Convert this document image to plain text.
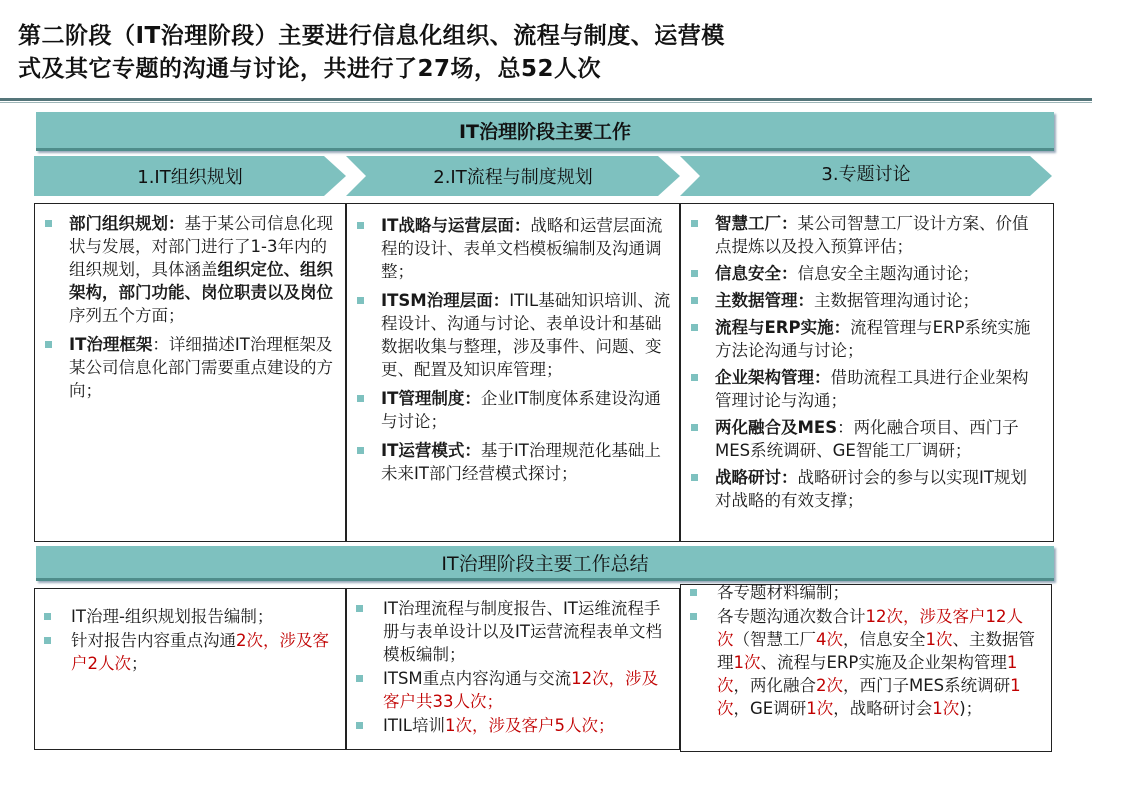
第二阶段（IT治理阶段）主要进行信息化组织、流程与制度、运营模
式及其它专题的沟通与讨论，共进行了27场，总52人次
IT治理阶段主要工作
1.IT组织规划	2.IT流程与制度规划	3.专题讨论
部门组织规划：基于某公司信息化现状与发展，对部门进行了1-3年内的组织规划，具体涵盖组织定位、组织架构，部门功能、岗位职责以及岗位序列五个方面；
IT治理框架：详细描述IT治理框架及某公司信息化部门需要重点建设的方向；
IT战略与运营层面：战略和运营层面流程的设计、表单文档模板编制及沟通调整；
ITSM治理层面：ITIL基础知识培训、流程设计、沟通与讨论、表单设计和基础数据收集与整理，涉及事件、问题、变更、配置及知识库管理；
IT管理制度：企业IT制度体系建设沟通与讨论；
IT运营模式：基于IT治理规范化基础上未来IT部门经营模式探讨；
智慧工厂：某公司智慧工厂设计方案、价值点提炼以及投入预算评估；
信息安全：信息安全主题沟通讨论；
主数据管理：主数据管理沟通讨论；
流程与ERP实施：流程管理与ERP系统实施方法论沟通与讨论；
企业架构管理：借助流程工具进行企业架构管理讨论与沟通；
两化融合及MES：两化融合项目、西门子MES系统调研、GE智能工厂调研；
战略研讨：战略研讨会的参与以实现IT规划对战略的有效支撑；
IT治理阶段主要工作总结
IT治理-组织规划报告编制；
针对报告内容重点沟通2次，涉及客户2人次；
IT治理流程与制度报告、IT运维流程手册与表单设计以及IT运营流程表单文档模板编制；
ITSM重点内容沟通与交流12次，涉及客户共33人次；
ITIL培训1次，涉及客户5人次；
各专题材料编制；
各专题沟通次数合计12次，涉及客户12人次（智慧工厂4次，信息安全1次、主数据管理1次、流程与ERP实施及企业架构管理1次，两化融合2次，西门子MES系统调研1次，GE调研1次，战略研讨会1次)；
